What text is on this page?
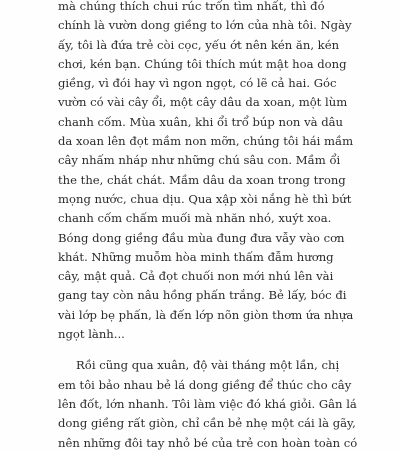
mà chúng thích chui rúc trốn tìm nhất, thì đó
chính là vườn dong giềng to lớn của nhà tôi. Ngày
ấy, tôi là đứa trẻ còi cọc, yếu ớt nên kén ăn, kén
chơi, kén bạn. Chúng tôi thích mút mật hoa dong
giềng, vì đói hay vì ngon ngọt, có lẽ cả hai. Góc
vườn có vài cây ổi, một cây dâu da xoan, một lùm
chanh cốm. Mùa xuân, khi ổi trổ búp non và dâu
da xoan lên đọt mầm non mỡn, chúng tôi hái mầm
cây nhấm nháp như những chú sâu con. Mầm ổi
the the, chát chát. Mầm dâu da xoan trong trong
mọng nước, chua dịu. Qua xập xòi nắng hè thì bứt
chanh cốm chấm muối mà nhăn nhó, xuýt xoa.
Bóng dong giềng đầu mùa đung đưa vẫy vào cơn
khát. Những muỗm hòa minh thấm đẫm hương
cây, mật quả. Cả đọt chuối non mới nhú lên vài
gang tay còn nâu hồng phấn trắng. Bẻ lấy, bóc đi
vài lớp bẹ phấn, là đến lớp nõn giòn thơm ứa nhựa
ngọt lành...
Rồi cũng qua xuân, độ vài tháng một lần, chị
em tôi bảo nhau bẻ lá dong giềng để thúc cho cây
lên đốt, lớn nhanh. Tôi làm việc đó khá giỏi. Gân lá
dong giềng rất giòn, chỉ cần bẻ nhẹ một cái là gãy,
nên những đôi tay nhỏ bé của trẻ con hoàn toàn có
